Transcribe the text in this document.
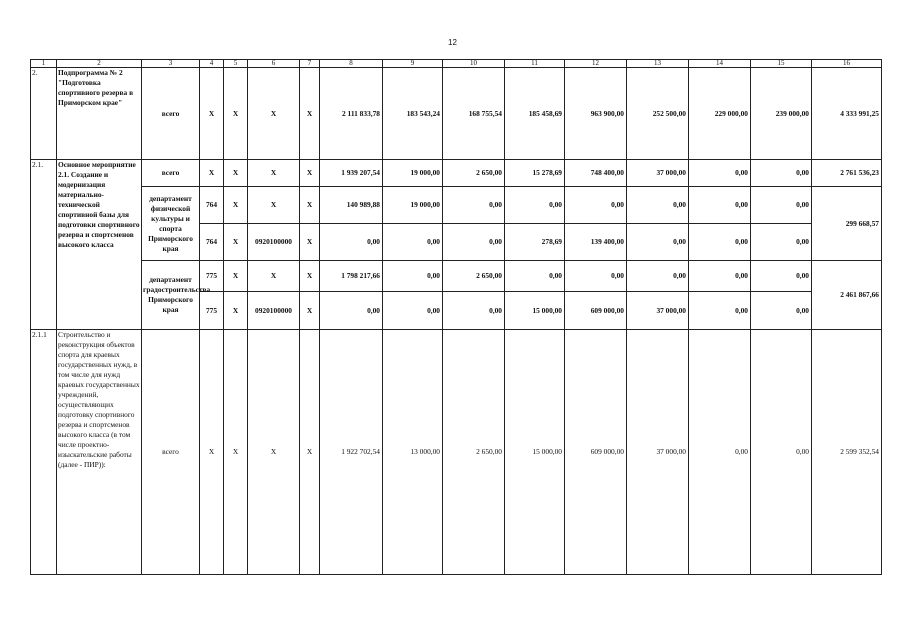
12
1	2	3	4	5	6	7	8	9	10	11	12	13	14	15	16
2.	Подпрограмма № 2 "Подготовка спортивного резерва в Приморском крае"	всего	Х	Х	Х	Х	2 111 833,78	183 543,24	168 755,54	185 458,69	963 900,00	252 500,00	229 000,00	239 000,00	4 333 991,25
2.1.	Основное мероприятие 2.1. Создание и модернизация материально-технической спортивной базы для подготовки спортивного резерва и спортсменов высокого класса	всего	Х	Х	Х	Х	1 939 207,54	19 000,00	2 650,00	15 278,69	748 400,00	37 000,00	0,00	0,00	2 761 536,23
		департамент физической культуры и спорта Приморского края	764	Х	Х	Х	140 989,88	19 000,00	0,00	0,00	0,00	0,00	0,00	0,00	299 668,57
			764	Х	0920100000	Х	0,00	0,00	0,00	278,69	139 400,00	0,00	0,00	0,00	
		департамент градостроительства Приморского края	775	Х	Х	Х	1 798 217,66	0,00	2 650,00	0,00	0,00	0,00	0,00	0,00	2 461 867,66
			775	Х	0920100000	Х	0,00	0,00	0,00	15 000,00	609 000,00	37 000,00	0,00	0,00	
2.1.1	Строительство и реконструкция объектов спорта для краевых государственных нужд, в том числе для нужд краевых государственных учреждений, осуществляющих подготовку спортивного резерва и спортсменов высокого класса (в том числе проектно-изыскательские работы (далее - ПИР)):	всего	Х	Х	Х	Х	1 922 702,54	13 000,00	2 650,00	15 000,00	609 000,00	37 000,00	0,00	0,00	2 599 352,54
